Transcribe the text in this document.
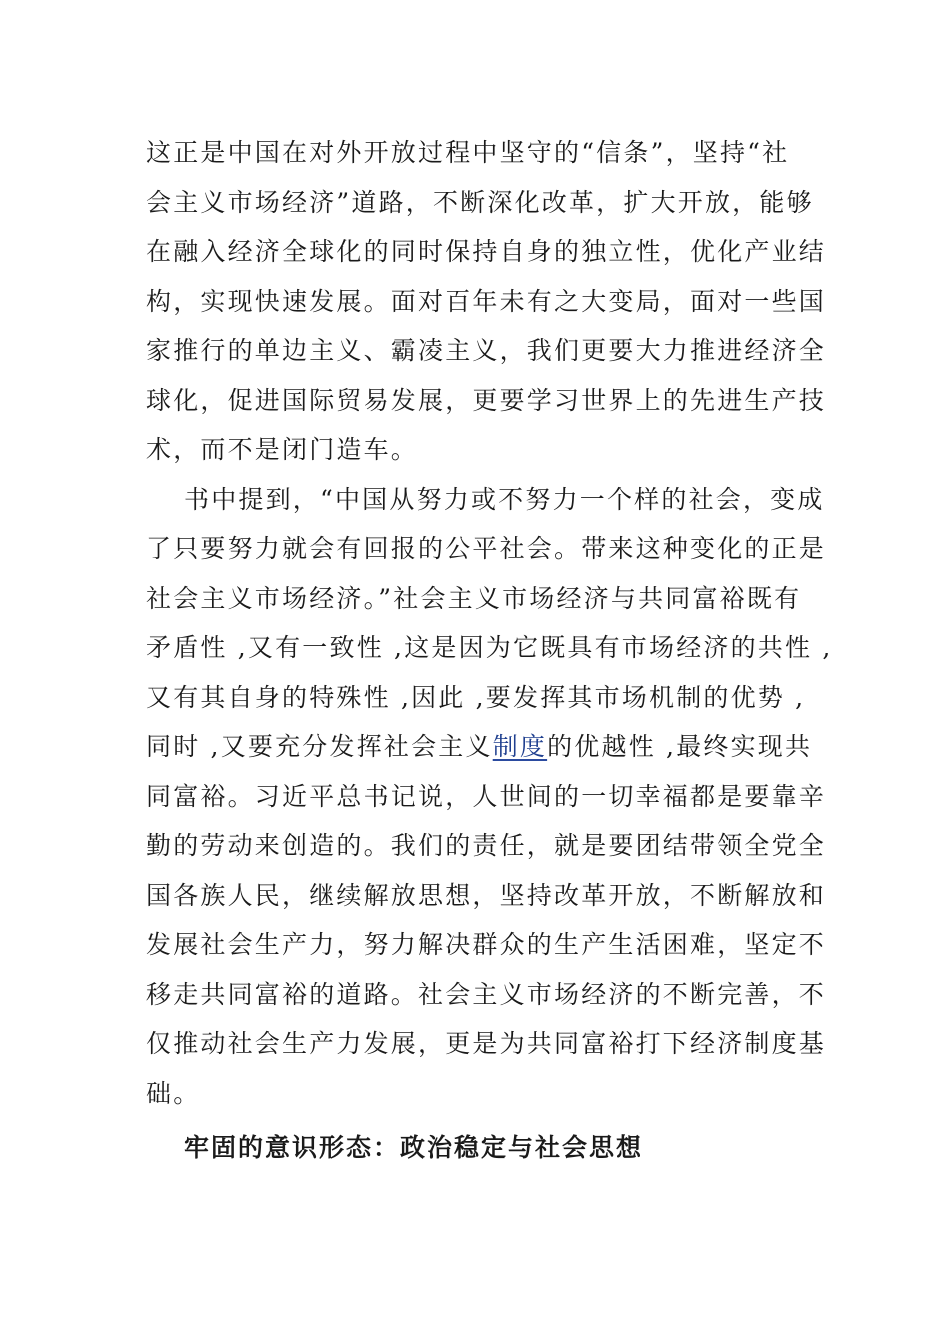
这正是中国在对外开放过程中坚守的“信条”，坚持“社
会主义市场经济”道路，不断深化改革，扩大开放，能够
在融入经济全球化的同时保持自身的独立性，优化产业结
构，实现快速发展。面对百年未有之大变局，面对一些国
家推行的单边主义、霸凌主义，我们更要大力推进经济全
球化，促进国际贸易发展，更要学习世界上的先进生产技
术，而不是闭门造车。
书中提到，“中国从努力或不努力一个样的社会，变成
了只要努力就会有回报的公平社会。带来这种变化的正是
社会主义市场经济。”社会主义市场经济与共同富裕既有
矛盾性 ,又有一致性 ,这是因为它既具有市场经济的共性 ,
又有其自身的特殊性 ,因此 ,要发挥其市场机制的优势 ,
同时 ,又要充分发挥社会主义制度的优越性 ,最终实现共
同富裕。习近平总书记说，人世间的一切幸福都是要靠辛
勤的劳动来创造的。我们的责任，就是要团结带领全党全
国各族人民，继续解放思想，坚持改革开放，不断解放和
发展社会生产力，努力解决群众的生产生活困难，坚定不
移走共同富裕的道路。社会主义市场经济的不断完善，不
仅推动社会生产力发展，更是为共同富裕打下经济制度基
础。
牢固的意识形态：政治稳定与社会思想
